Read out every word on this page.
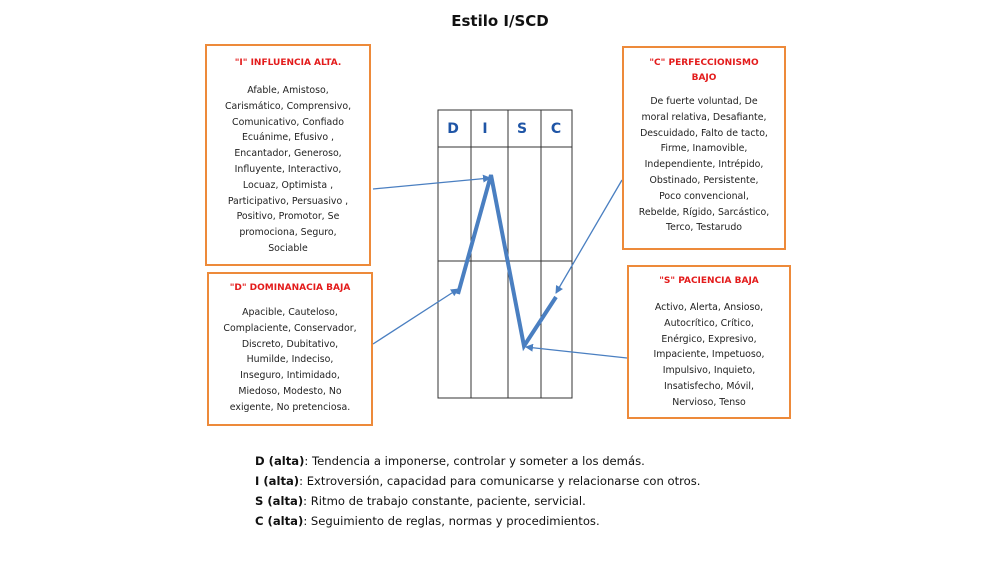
Estilo I/SCD
D I S C
"I" INFLUENCIA ALTA.
Afable, Amistoso,
Carismático, Comprensivo,
Comunicativo, Confiado
Ecuánime, Efusivo ,
Encantador, Generoso,
Influyente, Interactivo,
Locuaz, Optimista ,
Participativo, Persuasivo ,
Positivo, Promotor, Se
promociona, Seguro,
Sociable
"D" DOMINANACIA BAJA
Apacible, Cauteloso,
Complaciente, Conservador,
Discreto, Dubitativo,
Humilde, Indeciso,
Inseguro, Intimidado,
Miedoso, Modesto, No
exigente, No pretenciosa.
"C" PERFECCIONISMO
BAJO
De fuerte voluntad, De
moral relativa, Desafiante,
Descuidado, Falto de tacto,
Firme, Inamovible,
Independiente, Intrépido,
Obstinado, Persistente,
Poco convencional,
Rebelde, Rígido, Sarcástico,
Terco, Testarudo
"S" PACIENCIA BAJA
Activo, Alerta, Ansioso,
Autocrítico, Crítico,
Enérgico, Expresivo,
Impaciente, Impetuoso,
Impulsivo, Inquieto,
Insatisfecho, Móvil,
Nervioso, Tenso
D (alta): Tendencia a imponerse, controlar y someter a los demás.
I (alta): Extroversión, capacidad para comunicarse y relacionarse con otros.
S (alta): Ritmo de trabajo constante, paciente, servicial.
C (alta): Seguimiento de reglas, normas y procedimientos.
